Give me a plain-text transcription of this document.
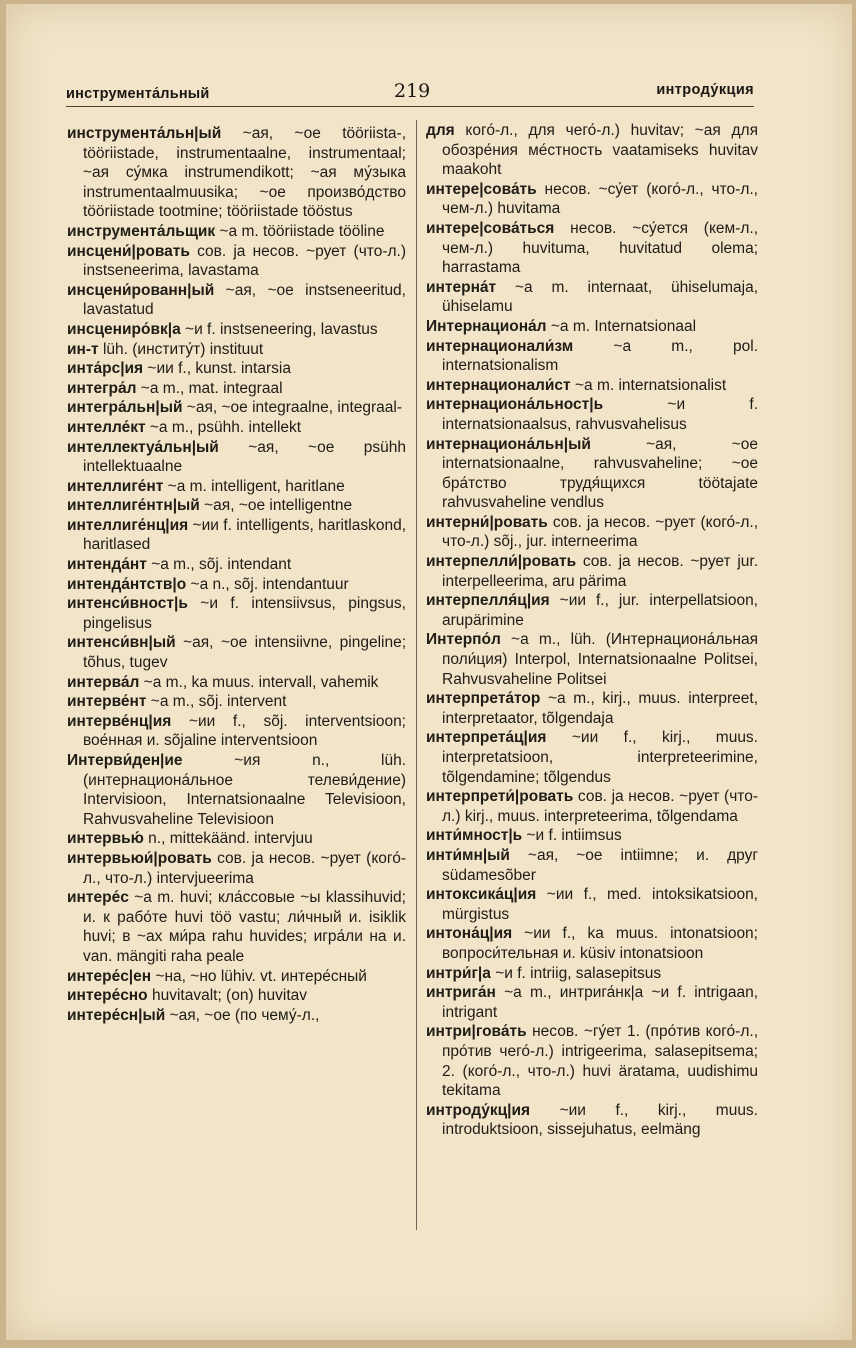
инструмента́льный	219	интроду́кция
инструмента́льн|ый ~ая, ~ое tööriista-, tööriistade, instrumentaalne, instrumentaal; ~ая су́мка instrumendikott; ~ая му́зыка instrumentaalmuusika; ~ое произво́дство tööriistade tootmine; tööriistade tööstus
инструмента́льщик ~а m. tööriistade tööline
инсцени́|ровать сов. ja несов. ~рует (что-л.) instseneerima, lavastama
инсцени́рованн|ый ~ая, ~ое instseneeritud, lavastatud
инсцениро́вк|а ~и f. instseneering, lavastus
ин-т lüh. (институ́т) instituut
инта́рс|ия ~ии f., kunst. intarsia
интегра́л ~а m., mat. integraal
интегра́льн|ый ~ая, ~ое integraalne, integraal-
интелле́кт ~а m., psühh. intellekt
интеллектуа́льн|ый ~ая, ~ое psühh intellektuaalne
интеллиге́нт ~а m. intelligent, haritlane
интеллиге́нтн|ый ~ая, ~ое intelligentne
интеллиге́нц|ия ~ии f. intelligents, haritlaskond, haritlased
интенда́нт ~а m., sõj. intendant
интенда́нтств|о ~а n., sõj. intendantuur
интенси́вност|ь ~и f. intensiivsus, pingsus, pingelisus
интенси́вн|ый ~ая, ~ое intensiivne, pingeline; tõhus, tugev
интерва́л ~а m., ka muus. intervall, vahemik
интерве́нт ~а m., sõj. intervent
интерве́нц|ия ~ии f., sõj. interventsioon; вое́нная и. sõjaline interventsioon
Интерви́ден|ие ~ия n., lüh. (интернациона́льное телеви́дение) Intervisioon, Internatsionaalne Televisioon, Rahvusvaheline Televisioon
интервью́ n., mittekäänd. intervjuu
интервьюи́|ровать сов. ja несов. ~рует (кого́-л., что-л.) intervjueerima
интере́с ~а m. huvi; кла́ссовые ~ы klassihuvid; и. к рабо́те huvi töö vastu; ли́чный и. isiklik huvi; в ~ах ми́ра rahu huvides; игра́ли на и. van. mängiti raha peale
интере́с|ен ~на, ~но lühiv. vt. интере́сный
интере́сно huvitavalt; (on) huvitav
интере́сн|ый ~ая, ~ое (по чему́-л.,
для кого́-л., для чего́-л.) huvitav; ~ая для обозре́ния ме́стность vaatamiseks huvitav maakoht
интере|сова́ть несов. ~су́ет (кого́-л., что-л., чем-л.) huvitama
интере|сова́ться несов. ~су́ется (кем-л., чем-л.) huvituma, huvitatud olema; harrastama
интерна́т ~а m. internaat, ühiselumaja, ühiselamu
Интернациона́л ~а m. Internatsionaal
интернационали́зм ~а m., pol. internatsionalism
интернационали́ст ~а m. internatsionalist
интернациона́льност|ь ~и f. internatsionaalsus, rahvusvahelisus
интернациона́льн|ый ~ая, ~ое internatsionaalne, rahvusvaheline; ~ое бра́тство трудя́щихся töötajate rahvusvaheline vendlus
интерни́|ровать сов. ja несов. ~рует (кого́-л., что-л.) sõj., jur. interneerima
интерпелли́|ровать сов. ja несов. ~рует jur. interpelleerima, aru pärima
интерпелля́ц|ия ~ии f., jur. interpellatsioon, arupärimine
Интерпо́л ~а m., lüh. (Интернациона́льная поли́ция) Interpol, Internatsionaalne Politsei, Rahvusvaheline Politsei
интерпрета́тор ~а m., kirj., muus. interpreet, interpretaator, tõlgendaja
интерпрета́ц|ия ~ии f., kirj., muus. interpretatsioon, interpreteerimine, tõlgendamine; tõlgendus
интерпрети́|ровать сов. ja несов. ~рует (что-л.) kirj., muus. interpreteerima, tõlgendama
инти́мност|ь ~и f. intiimsus
инти́мн|ый ~ая, ~ое intiimne; и. друг südamesõber
интоксика́ц|ия ~ии f., med. intoksikatsioon, mürgistus
интона́ц|ия ~ии f., ka muus. intonatsioon; вопроси́тельная и. küsiv intonatsioon
интри́г|а ~и f. intriig, salasepitsus
интрига́н ~а m., интрига́нк|а ~и f. intrigaan, intrigant
интри|гова́ть несов. ~гу́ет 1. (про́тив кого́-л., про́тив чего́-л.) intrigeerima, salasepitsema; 2. (кого́-л., что-л.) huvi äratama, uudishimu tekitama
интроду́кц|ия ~ии f., kirj., muus. introduktsioon, sissejuhatus, eelmäng
